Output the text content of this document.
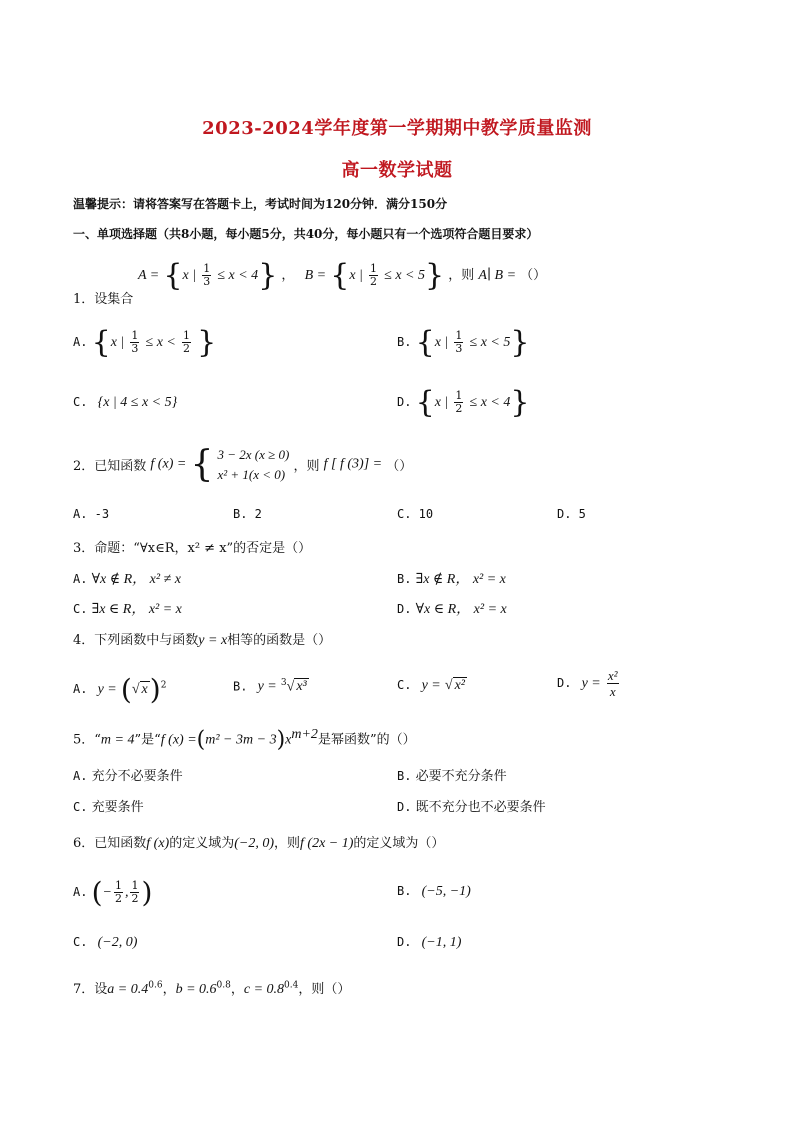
2023-2024学年度第一学期期中教学质量监测
高一数学试题
温馨提示：请将答案写在答题卡上，考试时间为120分钟．满分150分
一、单项选择题（共8小题，每小题5分，共40分，每小题只有一个选项符合题目要求）
A = {x | $\frac{1}{3} \le x < 4$} ， B = {x | $\frac{1}{2} \le x < 5$} ，则 A∣ B = （）
1．设集合
A. {x | $\frac{1}{3} \le x < \frac{1}{2}$ }	B. {x | $\frac{1}{3} \le x < 5$}
C. {x | 4 ≤ x < 5}	D. {x | $\frac{1}{2} \le x < 4$}
2．已知函数 f (x) = { 3 − 2x (x ≥ 0)
x² + 1(x < 0) ，则 f [ f (3)] = （）
A. -3	B. 2	C. 10	D. 5
3．命题：“∀x∈R，x² ≠ x”的否定是（）
A. ∀x ∉ R， x² ≠ x	B. ∃x ∉ R， x² = x
C. ∃x ∈ R， x² = x	D. ∀x ∈ R， x² = x
4．下列函数中与函数y = x相等的函数是（）
A. y = (√ x)$^2$	B. y = $^3$√ x³	C. y = √ x²	D. $y = \frac{\text{x²}}{x}$
5．“m = 4”是“f $(x) =(m^2 - 3m - 3)x^{m+2}$是幂函数”的（）
A. 充分不必要条件	B. 必要不充分条件
C. 充要条件	D. 既不充分也不必要条件
6．已知函数f (x)的定义域为(−2, 0)，则f (2x − 1)的定义域为（）
A. (− $\frac{1}{2}$ , $\frac{1}{2}$ )	B. (−5, −1)
C. (−2, 0)	D. (−1, 1)
7．设$a = 0.4^{0.6}$，$b = 0.6^{0.8}$，$c = 0.8^{0.4}$，则（）
